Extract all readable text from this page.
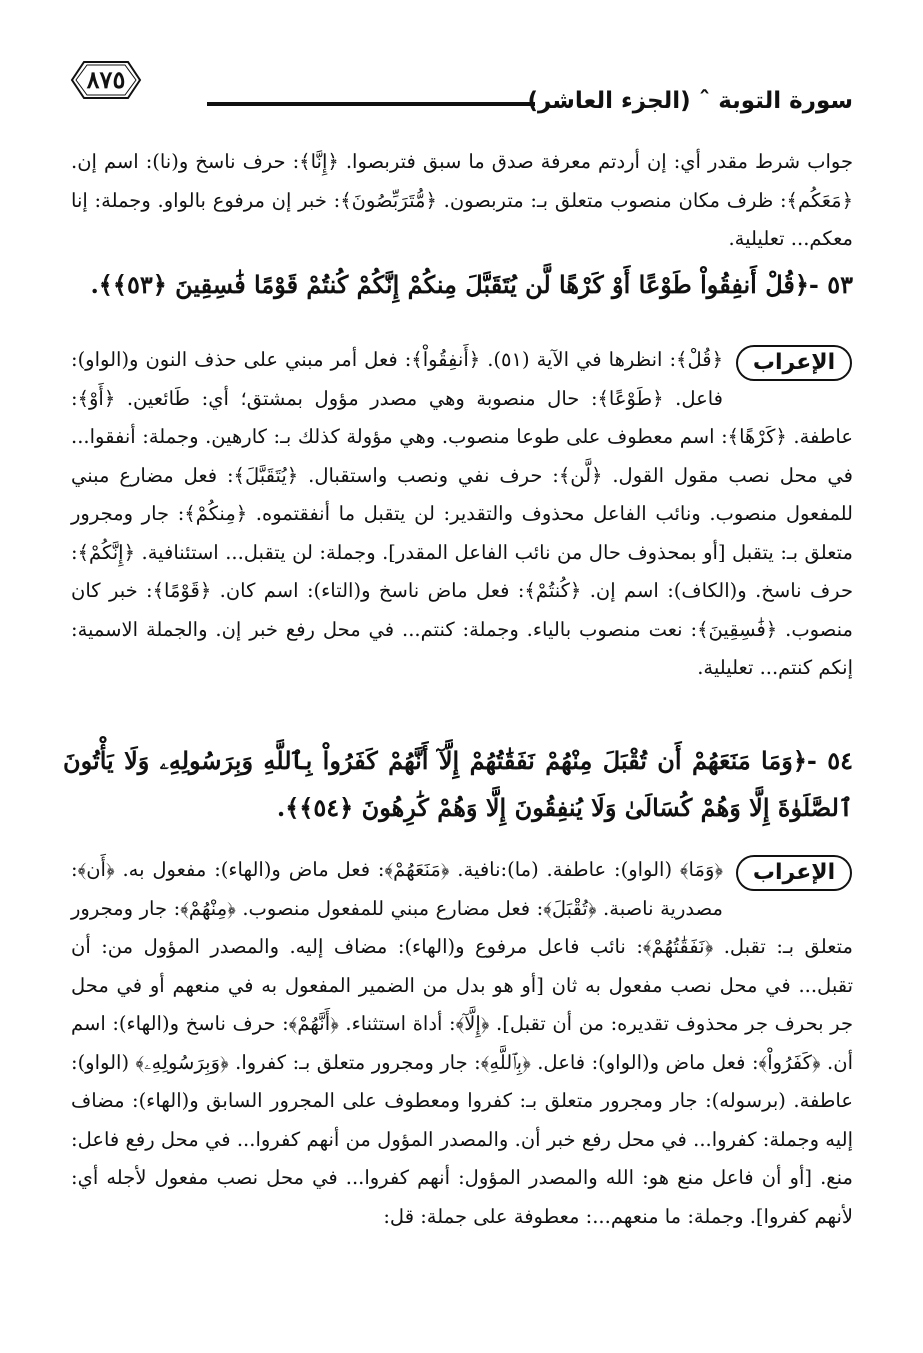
سورة التوبة ˆ (الجزء العاشر)
٨٧٥
جواب شرط مقدر أي: إن أردتم معرفة صدق ما سبق فتربصوا. ﴿إِنَّا﴾: حرف ناسخ و(نا): اسم إن. ﴿مَعَكُم﴾: ظرف مكان منصوب متعلق بـ: متربصون. ﴿مُّتَرَبِّصُونَ﴾: خبر إن مرفوع بالواو. وجملة: إنا معكم... تعليلية.
٥٣ -﴿قُلْ أَنفِقُواْ طَوْعًا أَوْ كَرْهًا لَّن يُتَقَبَّلَ مِنكُمْ إِنَّكُمْ كُنتُمْ قَوْمًا فَٰسِقِينَ ﴿٥٣﴾﴾.
الإعراب
﴿قُلْ﴾: انظرها في الآية (٥١). ﴿أَنفِقُواْ﴾: فعل أمر مبني على حذف النون و(الواو): فاعل. ﴿طَوْعًا﴾: حال منصوبة وهي مصدر مؤول بمشتق؛ أي: طَائعين. ﴿أَوْ﴾: عاطفة. ﴿كَرْهًا﴾: اسم معطوف على طوعا منصوب. وهي مؤولة كذلك بـ: كارهين. وجملة: أنفقوا... في محل نصب مقول القول. ﴿لَّن﴾: حرف نفي ونصب واستقبال. ﴿يُتَقَبَّلَ﴾: فعل مضارع مبني للمفعول منصوب. ونائب الفاعل محذوف والتقدير: لن يتقبل ما أنفقتموه. ﴿مِنكُمْ﴾: جار ومجرور متعلق بـ: يتقبل [أو بمحذوف حال من نائب الفاعل المقدر]. وجملة: لن يتقبل... استئنافية. ﴿إِنَّكُمْ﴾: حرف ناسخ. و(الكاف): اسم إن. ﴿كُنتُمْ﴾: فعل ماض ناسخ و(التاء): اسم كان. ﴿قَوْمًا﴾: خبر كان منصوب. ﴿فَٰسِقِينَ﴾: نعت منصوب بالياء. وجملة: كنتم... في محل رفع خبر إن. والجملة الاسمية: إنكم كنتم... تعليلية.
٥٤ -﴿وَمَا مَنَعَهُمْ أَن تُقْبَلَ مِنْهُمْ نَفَقَٰتُهُمْ إِلَّآ أَنَّهُمْ كَفَرُواْ بِٱللَّهِ وَبِرَسُولِهِۦ وَلَا يَأْتُونَ ٱلصَّلَوٰةَ إِلَّا وَهُمْ كُسَالَىٰ وَلَا يُنفِقُونَ إِلَّا وَهُمْ كَٰرِهُونَ ﴿٥٤﴾﴾.
الإعراب
﴿وَمَا﴾ (الواو): عاطفة. (ما):نافية. ﴿مَنَعَهُمْ﴾: فعل ماض و(الهاء): مفعول به. ﴿أَن﴾: مصدرية ناصبة. ﴿تُقْبَلَ﴾: فعل مضارع مبني للمفعول منصوب. ﴿مِنْهُمْ﴾: جار ومجرور متعلق بـ: تقبل. ﴿نَفَقَٰتُهُمْ﴾: نائب فاعل مرفوع و(الهاء): مضاف إليه. والمصدر المؤول من: أن تقبل... في محل نصب مفعول به ثان [أو هو بدل من الضمير المفعول به في منعهم أو في محل جر بحرف جر محذوف تقديره: من أن تقبل]. ﴿إِلَّآ﴾: أداة استثناء. ﴿أَنَّهُمْ﴾: حرف ناسخ و(الهاء): اسم أن. ﴿كَفَرُواْ﴾: فعل ماض و(الواو): فاعل. ﴿بِٱللَّهِ﴾: جار ومجرور متعلق بـ: كفروا. ﴿وَبِرَسُولِهِۦ﴾ (الواو): عاطفة. (برسوله): جار ومجرور متعلق بـ: كفروا ومعطوف على المجرور السابق و(الهاء): مضاف إليه وجملة: كفروا... في محل رفع خبر أن. والمصدر المؤول من أنهم كفروا... في محل رفع فاعل: منع. [أو أن فاعل منع هو: الله والمصدر المؤول: أنهم كفروا... في محل نصب مفعول لأجله أي: لأنهم كفروا]. وجملة: ما منعهم...: معطوفة على جملة: قل:
